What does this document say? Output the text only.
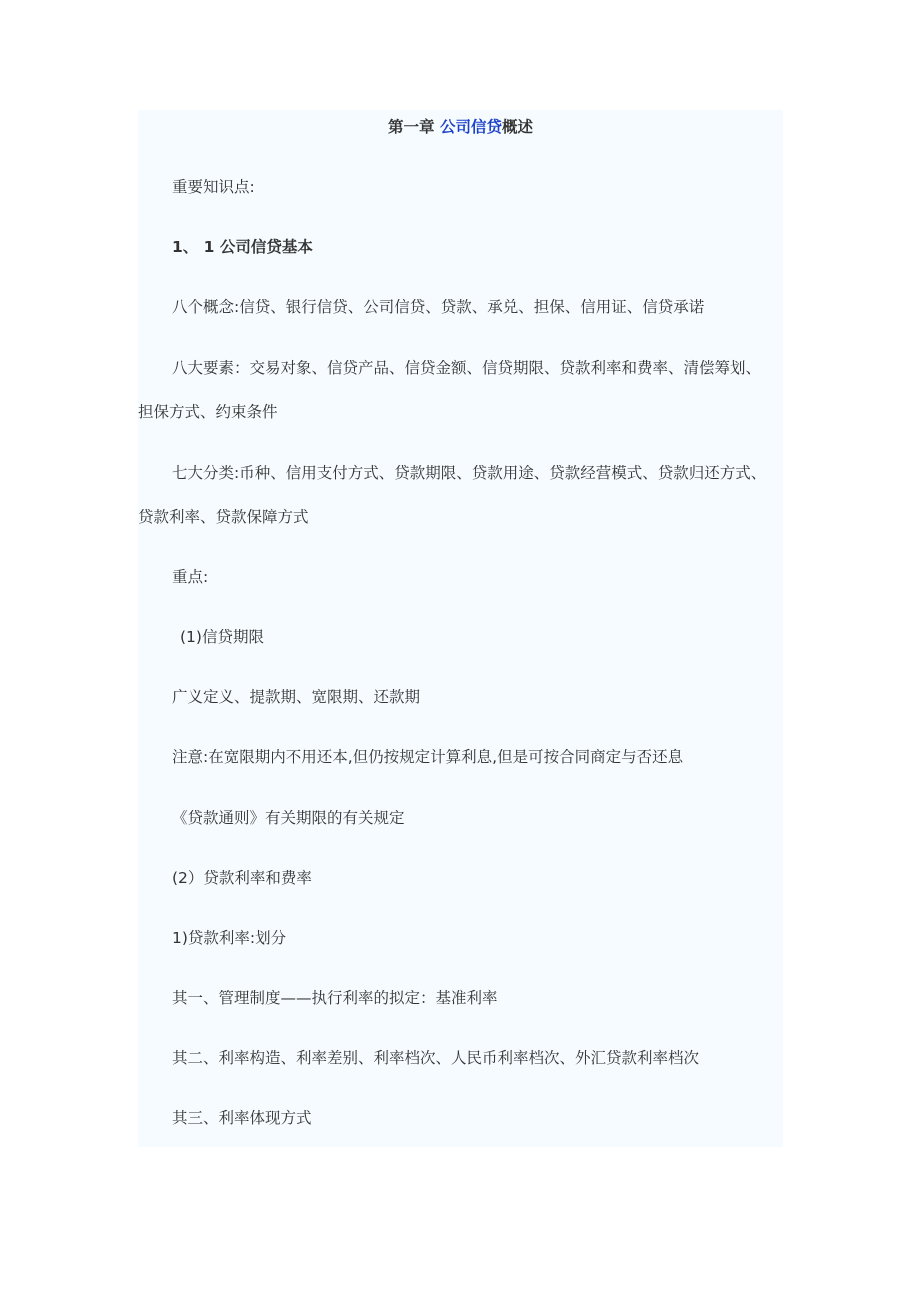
第一章 公司信贷概述
重要知识点:
1、 1 公司信贷基本
八个概念:信贷、银行信贷、公司信贷、贷款、承兑、担保、信用证、信贷承诺
八大要素：交易对象、信贷产品、信贷金额、信贷期限、贷款利率和费率、清偿筹划、
担保方式、约束条件
七大分类:币种、信用支付方式、贷款期限、贷款用途、贷款经营模式、贷款归还方式、
贷款利率、贷款保障方式
重点:
(1)信贷期限
广义定义、提款期、宽限期、还款期
注意:在宽限期内不用还本,但仍按规定计算利息,但是可按合同商定与否还息
《贷款通则》有关期限的有关规定
(2）贷款利率和费率
1)贷款利率:划分
其一、管理制度——执行利率的拟定：基准利率
其二、利率构造、利率差别、利率档次、人民币利率档次、外汇贷款利率档次
其三、利率体现方式
